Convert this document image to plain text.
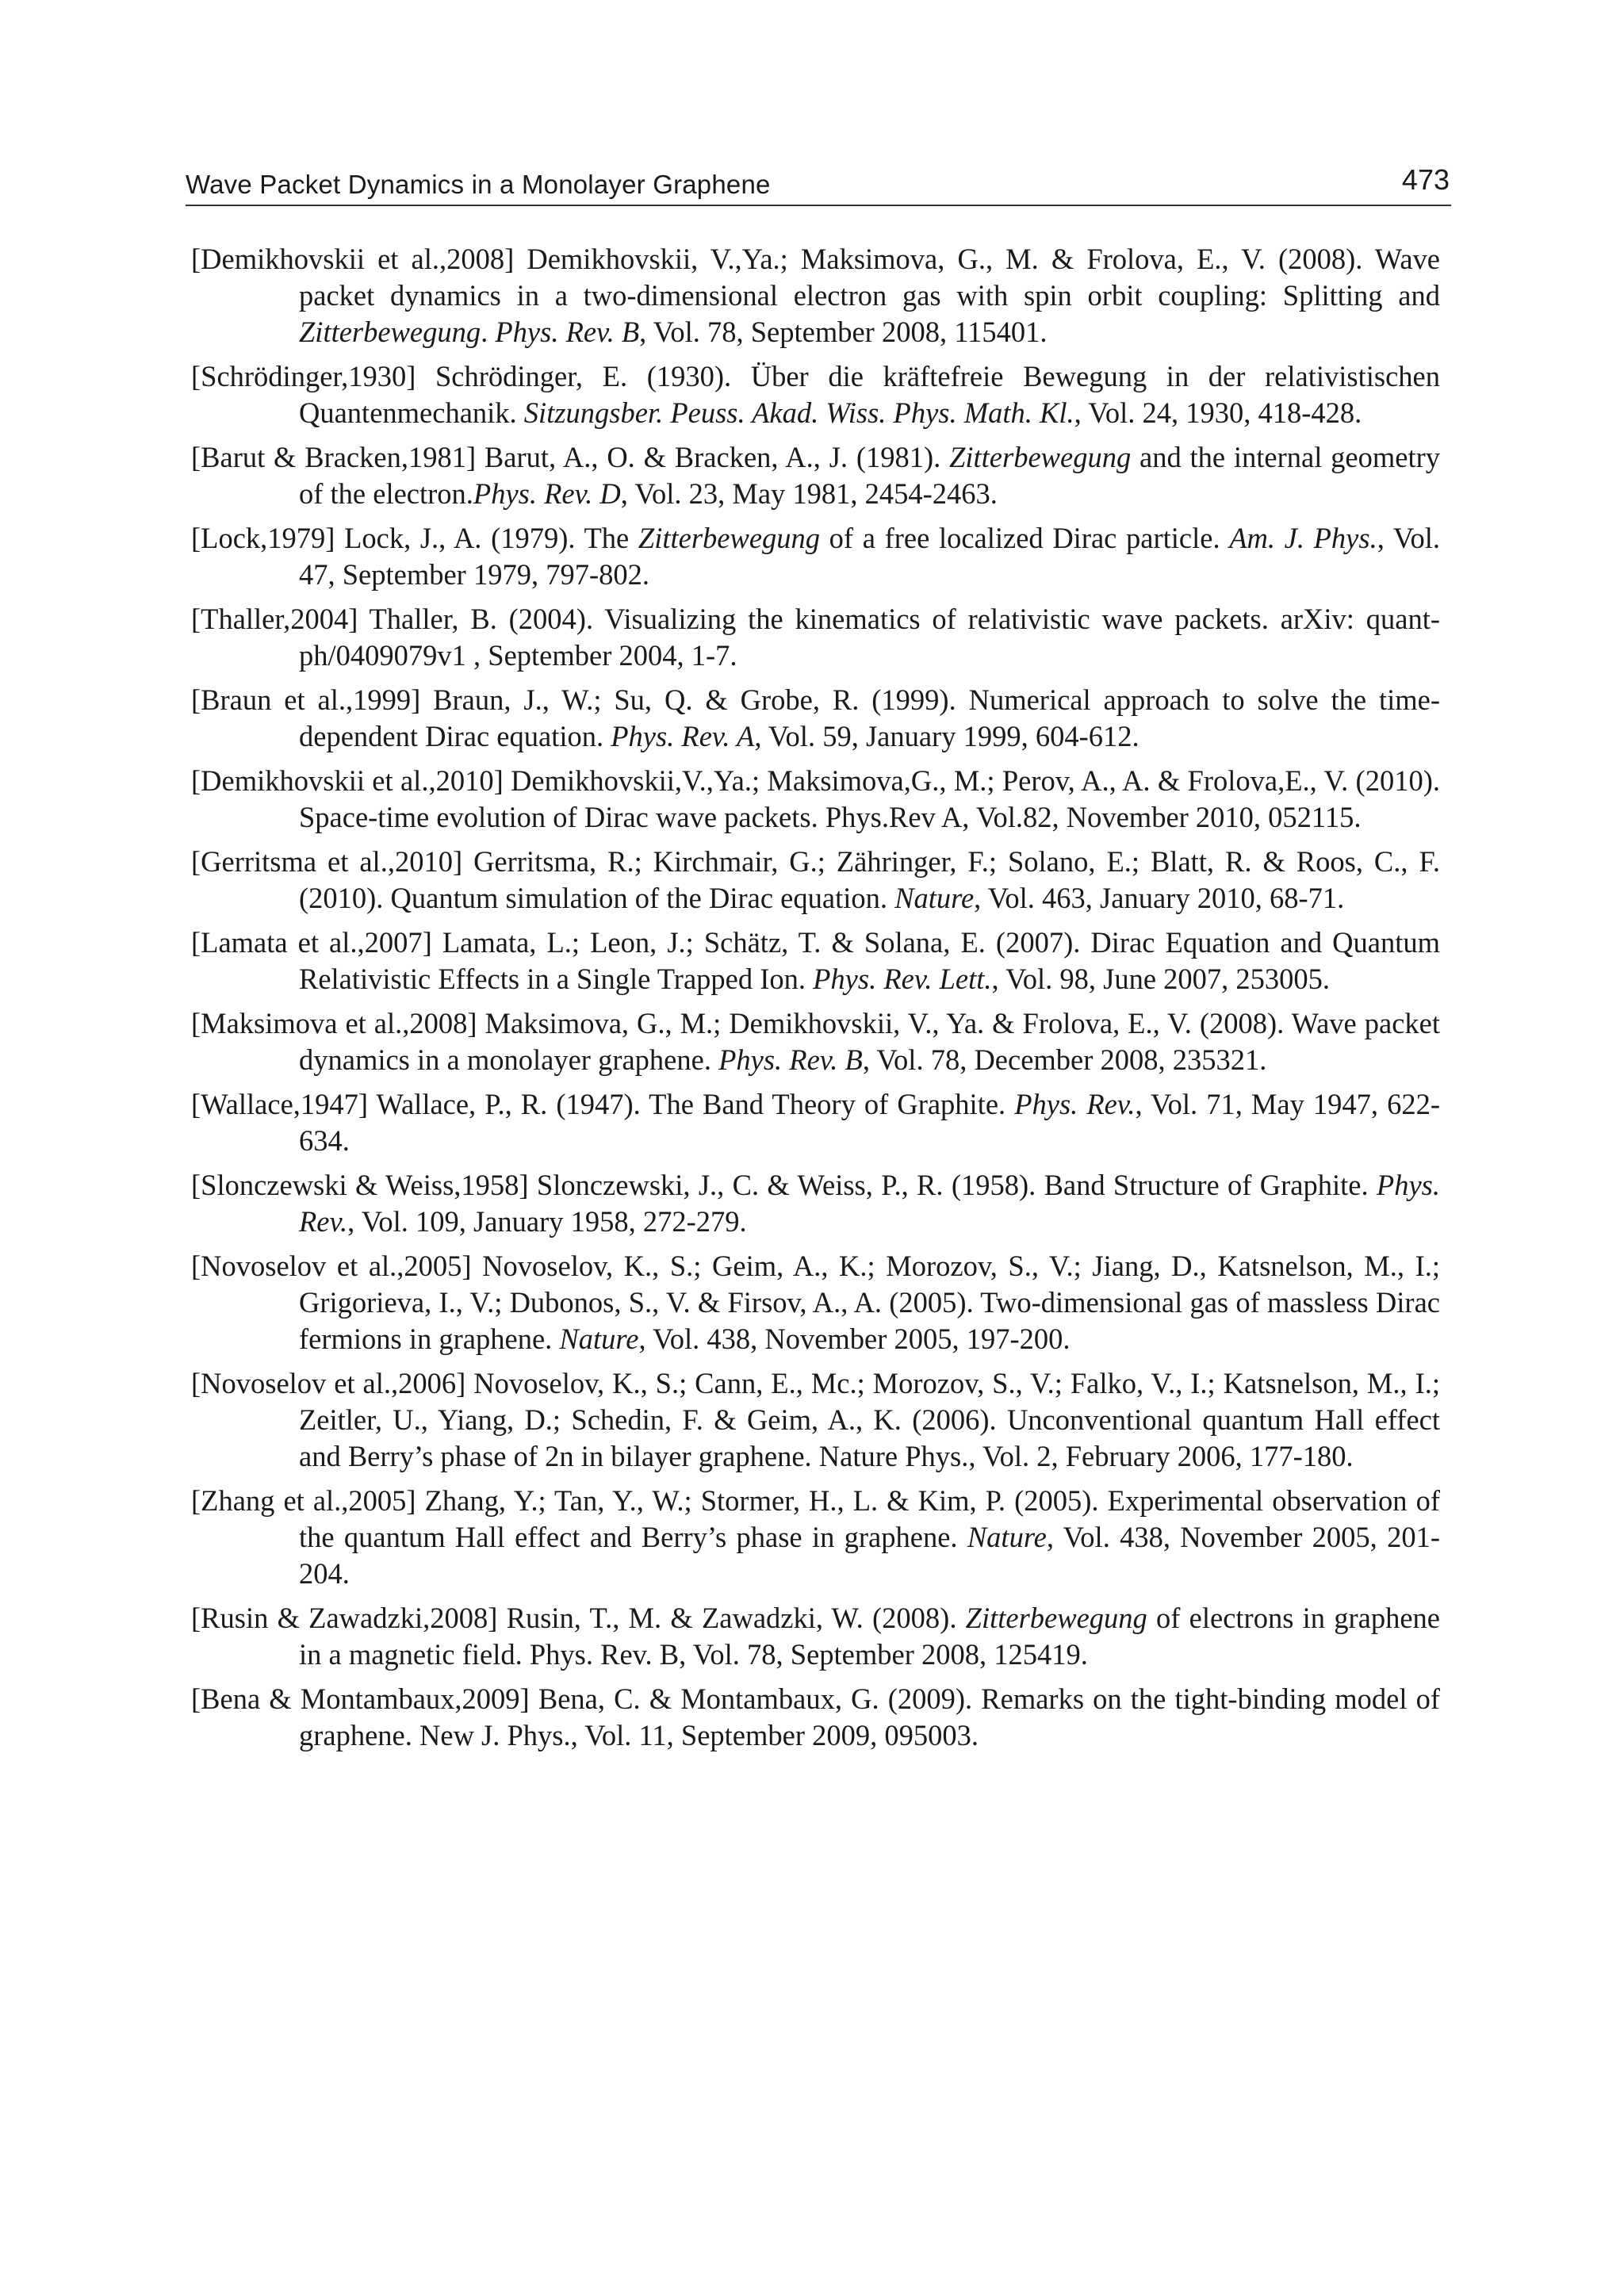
Wave Packet Dynamics in a Monolayer Graphene	473

[Demikhovskii et al.,2008] Demikhovskii, V.,Ya.; Maksimova, G., M. & Frolova, E., V. (2008). Wave packet dynamics in a two-dimensional electron gas with spin orbit coupling: Splitting and Zitterbewegung. Phys. Rev. B, Vol. 78, September 2008, 115401.

[Schrödinger,1930] Schrödinger, E. (1930). Über die kräftefreie Bewegung in der relativistischen Quantenmechanik. Sitzungsber. Peuss. Akad. Wiss. Phys. Math. Kl., Vol. 24, 1930, 418-428.

[Barut & Bracken,1981] Barut, A., O. & Bracken, A., J. (1981). Zitterbewegung and the internal geometry of the electron.Phys. Rev. D, Vol. 23, May 1981, 2454-2463.

[Lock,1979] Lock, J., A. (1979). The Zitterbewegung of a free localized Dirac particle. Am. J. Phys., Vol. 47, September 1979, 797-802.

[Thaller,2004] Thaller, B. (2004). Visualizing the kinematics of relativistic wave packets. arXiv: quant-ph/0409079v1 , September 2004, 1-7.

[Braun et al.,1999] Braun, J., W.; Su, Q. & Grobe, R. (1999). Numerical approach to solve the time-dependent Dirac equation. Phys. Rev. A, Vol. 59, January 1999, 604-612.

[Demikhovskii et al.,2010] Demikhovskii,V.,Ya.; Maksimova,G., M.; Perov, A., A. & Frolova,E., V. (2010). Space-time evolution of Dirac wave packets. Phys.Rev A, Vol.82, November 2010, 052115.

[Gerritsma et al.,2010] Gerritsma, R.; Kirchmair, G.; Zähringer, F.; Solano, E.; Blatt, R. & Roos, C., F. (2010). Quantum simulation of the Dirac equation. Nature, Vol. 463, January 2010, 68-71.

[Lamata et al.,2007] Lamata, L.; Leon, J.; Schätz, T. & Solana, E. (2007). Dirac Equation and Quantum Relativistic Effects in a Single Trapped Ion. Phys. Rev. Lett., Vol. 98, June 2007, 253005.

[Maksimova et al.,2008] Maksimova, G., M.; Demikhovskii, V., Ya. & Frolova, E., V. (2008). Wave packet dynamics in a monolayer graphene. Phys. Rev. B, Vol. 78, December 2008, 235321.

[Wallace,1947] Wallace, P., R. (1947). The Band Theory of Graphite. Phys. Rev., Vol. 71, May 1947, 622-634.

[Slonczewski & Weiss,1958] Slonczewski, J., C. & Weiss, P., R. (1958). Band Structure of Graphite. Phys. Rev., Vol. 109, January 1958, 272-279.

[Novoselov et al.,2005] Novoselov, K., S.; Geim, A., K.; Morozov, S., V.; Jiang, D., Katsnelson, M., I.; Grigorieva, I., V.; Dubonos, S., V. & Firsov, A., A. (2005). Two-dimensional gas of massless Dirac fermions in graphene. Nature, Vol. 438, November 2005, 197-200.

[Novoselov et al.,2006] Novoselov, K., S.; Cann, E., Mc.; Morozov, S., V.; Falko, V., I.; Katsnelson, M., I.; Zeitler, U., Yiang, D.; Schedin, F. & Geim, A., K. (2006). Unconventional quantum Hall effect and Berry’s phase of 2n in bilayer graphene. Nature Phys., Vol. 2, February 2006, 177-180.

[Zhang et al.,2005] Zhang, Y.; Tan, Y., W.; Stormer, H., L. & Kim, P. (2005). Experimental observation of the quantum Hall effect and Berry’s phase in graphene. Nature, Vol. 438, November 2005, 201-204.

[Rusin & Zawadzki,2008] Rusin, T., M. & Zawadzki, W. (2008). Zitterbewegung of electrons in graphene in a magnetic field. Phys. Rev. B, Vol. 78, September 2008, 125419.

[Bena & Montambaux,2009] Bena, C. & Montambaux, G. (2009). Remarks on the tight-binding model of graphene. New J. Phys., Vol. 11, September 2009, 095003.
